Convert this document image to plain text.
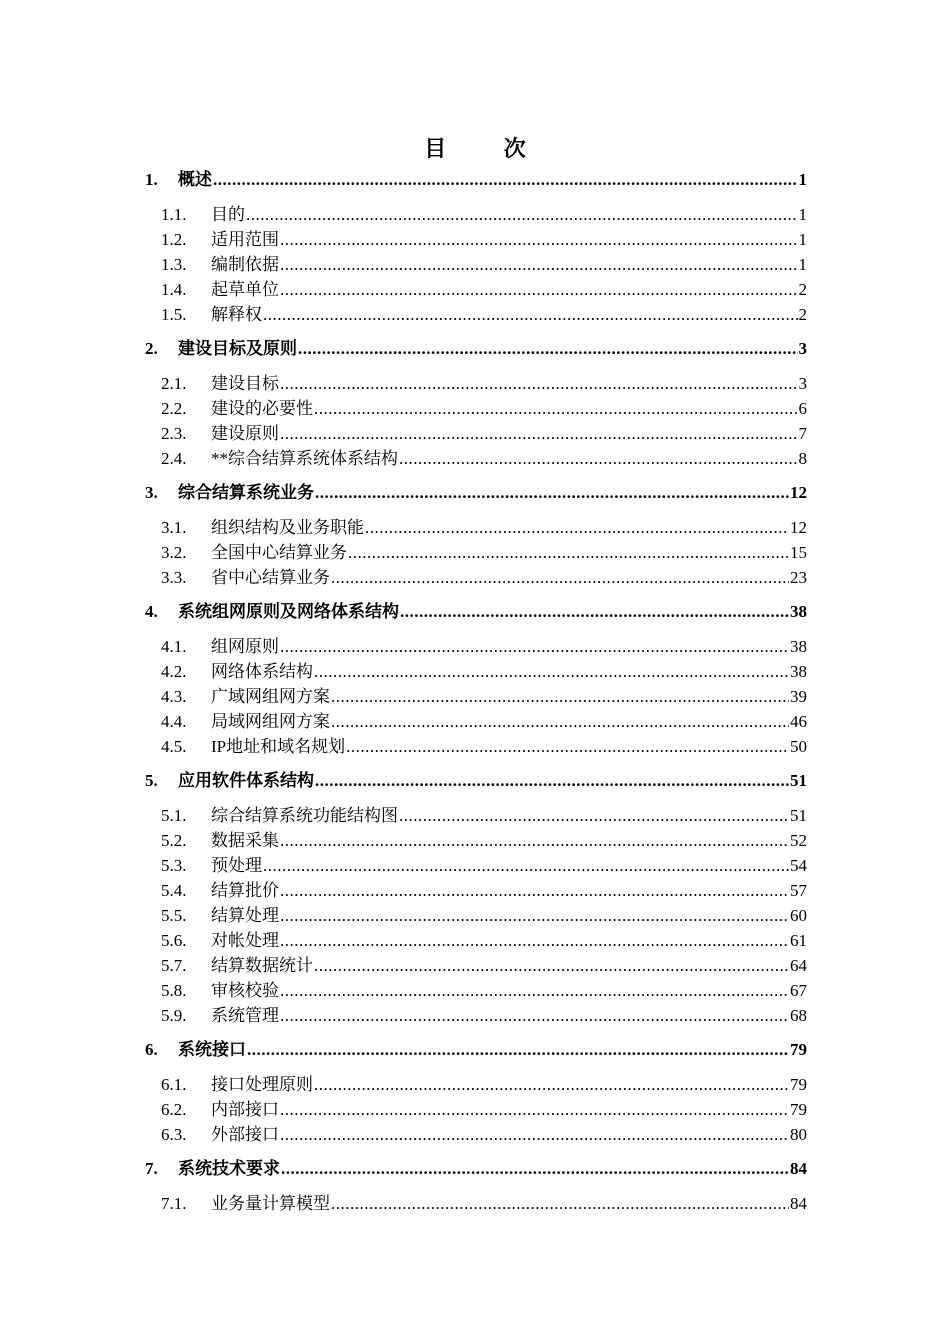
目 次
1.	概述 .....	1
1.1.	目的 .....	1
1.2.	适用范围 .....	1
1.3.	编制依据 .....	1
1.4.	起草单位 .....	2
1.5.	解释权 .....	2
2.	建设目标及原则 .....	3
2.1.	建设目标 .....	3
2.2.	建设的必要性 .....	6
2.3.	建设原则 .....	7
2.4.	**综合结算系统体系结构 .....	8
3.	综合结算系统业务 .....	12
3.1.	组织结构及业务职能 .....	12
3.2.	全国中心结算业务 .....	15
3.3.	省中心结算业务 .....	23
4.	系统组网原则及网络体系结构 .....	38
4.1.	组网原则 .....	38
4.2.	网络体系结构 .....	38
4.3.	广域网组网方案 .....	39
4.4.	局域网组网方案 .....	46
4.5.	IP地址和域名规划 .....	50
5.	应用软件体系结构 .....	51
5.1.	综合结算系统功能结构图 .....	51
5.2.	数据采集 .....	52
5.3.	预处理 .....	54
5.4.	结算批价 .....	57
5.5.	结算处理 .....	60
5.6.	对帐处理 .....	61
5.7.	结算数据统计 .....	64
5.8.	审核校验 .....	67
5.9.	系统管理 .....	68
6.	系统接口 .....	79
6.1.	接口处理原则 .....	79
6.2.	内部接口 .....	79
6.3.	外部接口 .....	80
7.	系统技术要求 .....	84
7.1.	业务量计算模型 .....	84
